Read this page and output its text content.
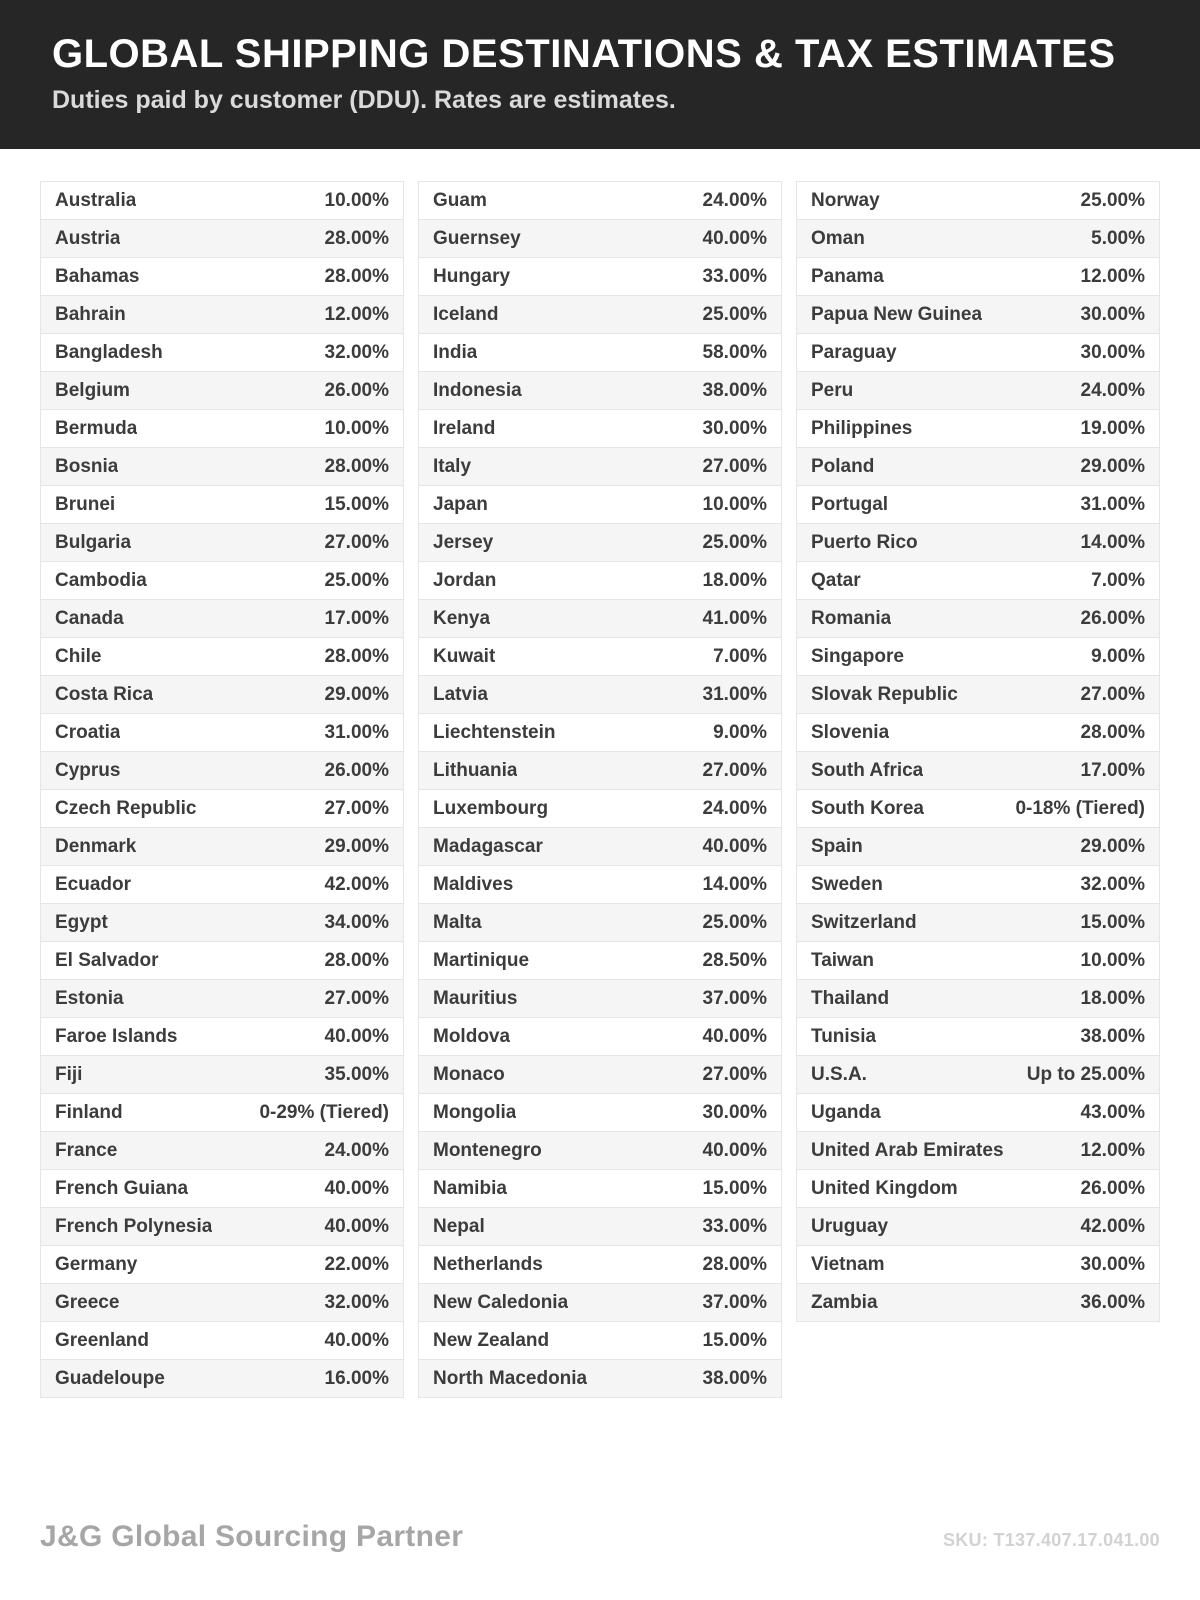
GLOBAL SHIPPING DESTINATIONS & TAX ESTIMATES
Duties paid by customer (DDU). Rates are estimates.
Australia	10.00%
Austria	28.00%
Bahamas	28.00%
Bahrain	12.00%
Bangladesh	32.00%
Belgium	26.00%
Bermuda	10.00%
Bosnia	28.00%
Brunei	15.00%
Bulgaria	27.00%
Cambodia	25.00%
Canada	17.00%
Chile	28.00%
Costa Rica	29.00%
Croatia	31.00%
Cyprus	26.00%
Czech Republic	27.00%
Denmark	29.00%
Ecuador	42.00%
Egypt	34.00%
El Salvador	28.00%
Estonia	27.00%
Faroe Islands	40.00%
Fiji	35.00%
Finland	0-29% (Tiered)
France	24.00%
French Guiana	40.00%
French Polynesia	40.00%
Germany	22.00%
Greece	32.00%
Greenland	40.00%
Guadeloupe	16.00%
Guam	24.00%
Guernsey	40.00%
Hungary	33.00%
Iceland	25.00%
India	58.00%
Indonesia	38.00%
Ireland	30.00%
Italy	27.00%
Japan	10.00%
Jersey	25.00%
Jordan	18.00%
Kenya	41.00%
Kuwait	7.00%
Latvia	31.00%
Liechtenstein	9.00%
Lithuania	27.00%
Luxembourg	24.00%
Madagascar	40.00%
Maldives	14.00%
Malta	25.00%
Martinique	28.50%
Mauritius	37.00%
Moldova	40.00%
Monaco	27.00%
Mongolia	30.00%
Montenegro	40.00%
Namibia	15.00%
Nepal	33.00%
Netherlands	28.00%
New Caledonia	37.00%
New Zealand	15.00%
North Macedonia	38.00%
Norway	25.00%
Oman	5.00%
Panama	12.00%
Papua New Guinea	30.00%
Paraguay	30.00%
Peru	24.00%
Philippines	19.00%
Poland	29.00%
Portugal	31.00%
Puerto Rico	14.00%
Qatar	7.00%
Romania	26.00%
Singapore	9.00%
Slovak Republic	27.00%
Slovenia	28.00%
South Africa	17.00%
South Korea	0-18% (Tiered)
Spain	29.00%
Sweden	32.00%
Switzerland	15.00%
Taiwan	10.00%
Thailand	18.00%
Tunisia	38.00%
U.S.A.	Up to 25.00%
Uganda	43.00%
United Arab Emirates	12.00%
United Kingdom	26.00%
Uruguay	42.00%
Vietnam	30.00%
Zambia	36.00%
J&G Global Sourcing Partner	SKU: T137.407.17.041.00
